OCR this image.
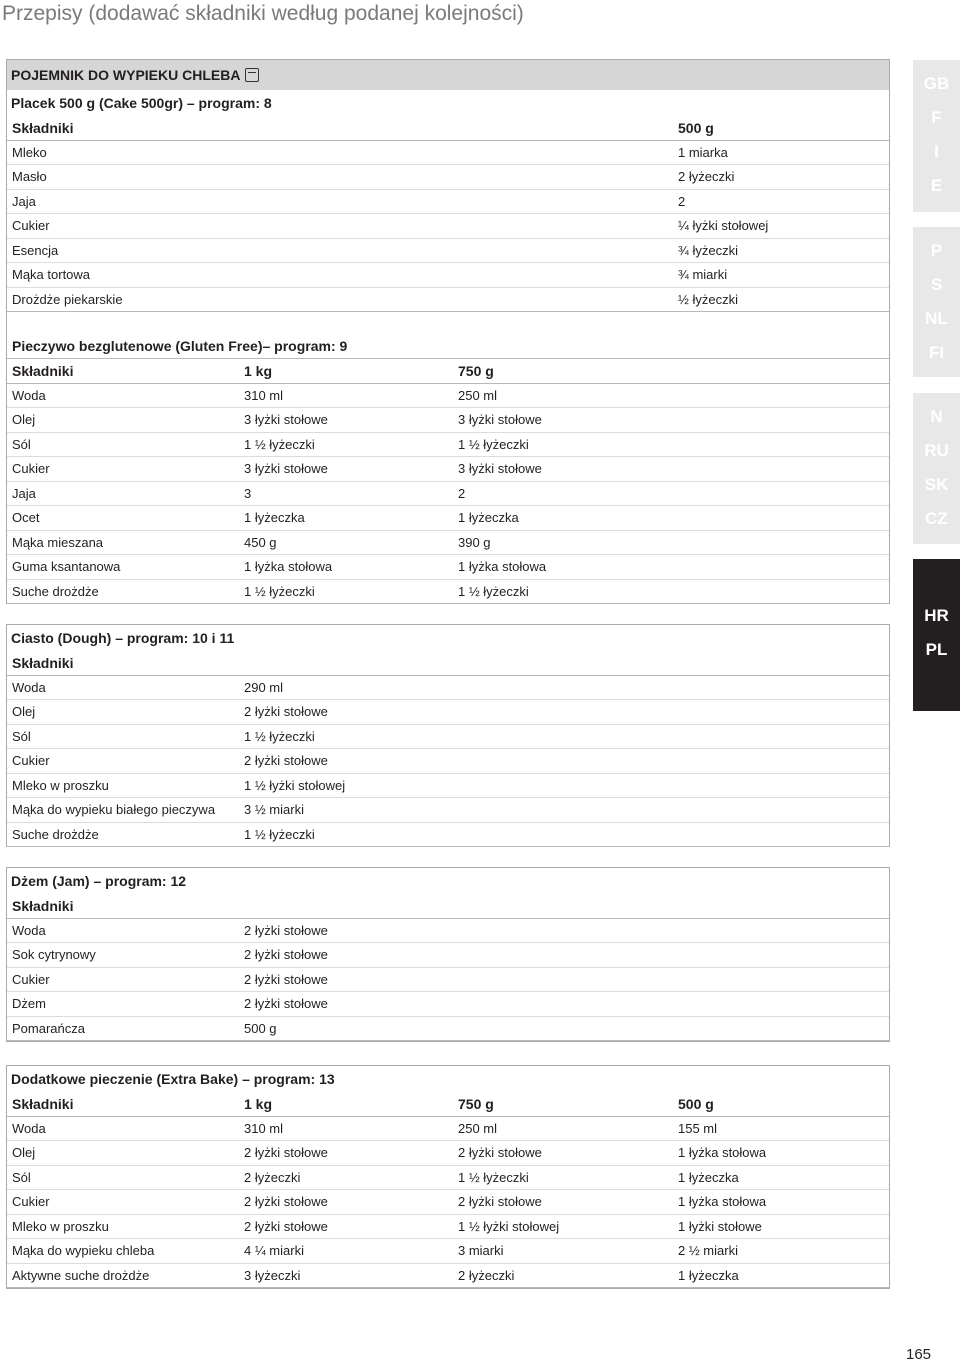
Przepisy (dodawać składniki według podanej kolejności)
POJEMNIK DO WYPIEKU CHLEBA
Placek 500 g (Cake 500gr) – program: 8
Składniki	500 g
Mleko	1 miarka
Masło	2 łyżeczki
Jaja	2
Cukier	¼ łyżki stołowej
Esencja	¾ łyżeczki
Mąka tortowa	¾ miarki
Drożdże piekarskie	½ łyżeczki
Pieczywo bezglutenowe (Gluten Free)– program: 9
Składniki	1 kg	750 g
Woda	310 ml	250 ml
Olej	3 łyżki stołowe	3 łyżki stołowe
Sól	1 ½ łyżeczki	1 ½ łyżeczki
Cukier	3 łyżki stołowe	3 łyżki stołowe
Jaja	3	2
Ocet	1 łyżeczka	1 łyżeczka
Mąka mieszana	450 g	390 g
Guma ksantanowa	1 łyżka stołowa	1 łyżka stołowa
Suche drożdże	1 ½ łyżeczki	1 ½ łyżeczki
Ciasto (Dough) – program: 10 i 11
Składniki	
Woda	290 ml
Olej	2 łyżki stołowe
Sól	1 ½ łyżeczki
Cukier	2 łyżki stołowe
Mleko w proszku	1 ½ łyżki stołowej
Mąka do wypieku białego pieczywa	3 ½ miarki
Suche drożdże	1 ½ łyżeczki
Dżem (Jam) – program: 12
Składniki	
Woda	2 łyżki stołowe
Sok cytrynowy	2 łyżki stołowe
Cukier	2 łyżki stołowe
Dżem	2 łyżki stołowe
Pomarańcza	500 g
Dodatkowe pieczenie (Extra Bake) – program: 13
Składniki	1 kg	750 g	500 g
Woda	310 ml	250 ml	155 ml
Olej	2 łyżki stołowe	2 łyżki stołowe	1 łyżka stołowa
Sól	2 łyżeczki	1 ½ łyżeczki	1 łyżeczka
Cukier	2 łyżki stołowe	2 łyżki stołowe	1 łyżka stołowa
Mleko w proszku	2 łyżki stołowe	1 ½ łyżki stołowej	1 łyżki stołowe
Mąka do wypieku chleba	4 ¼ miarki	3 miarki	2 ½ miarki
Aktywne suche drożdże	3 łyżeczki	2 łyżeczki	1 łyżeczka
GB
F
I
E
P
S
NL
FI
N
RU
SK
CZ
HR
PL
165
